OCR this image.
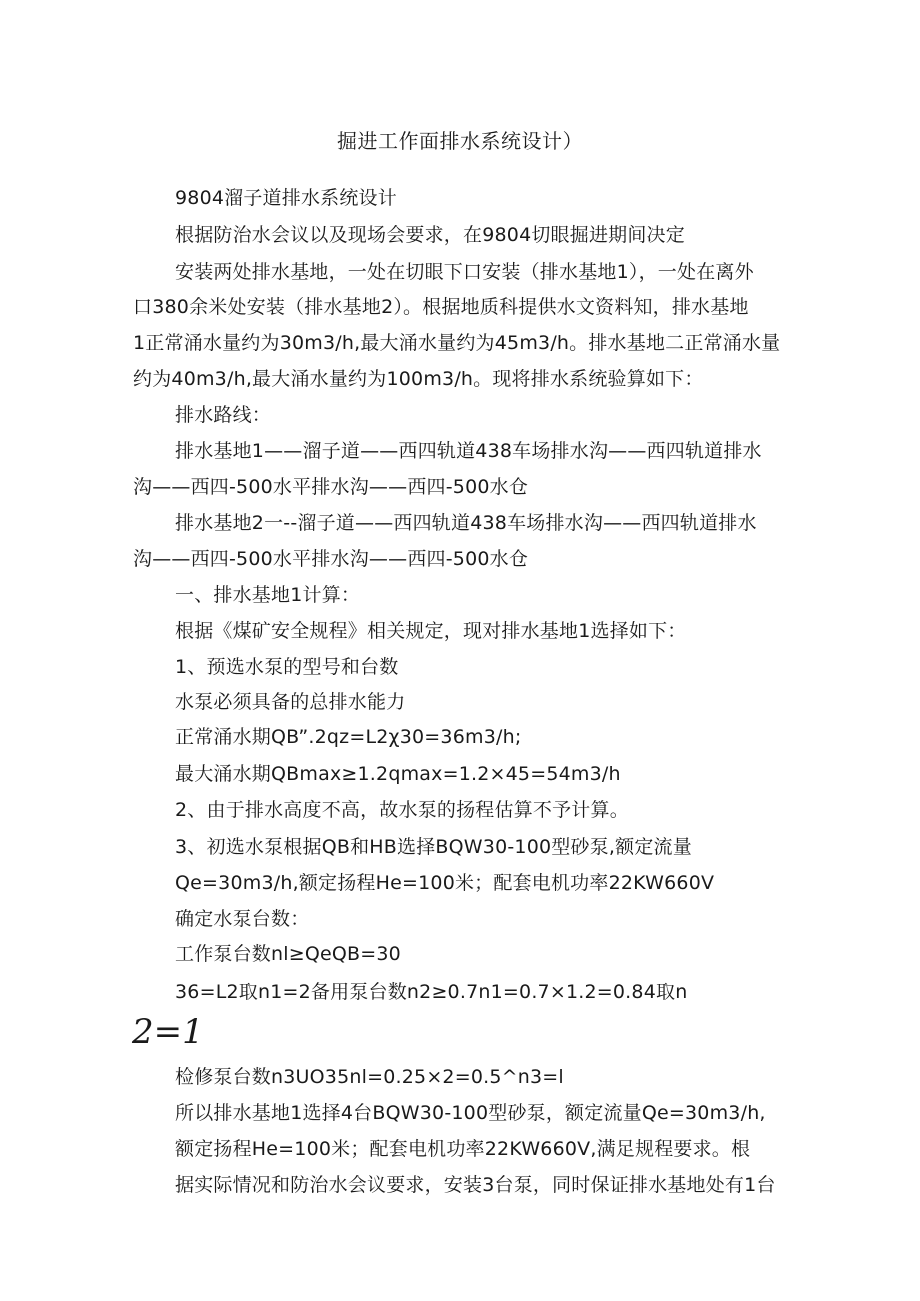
掘进工作面排水系统设计）
9804溜子道排水系统设计
根据防治水会议以及现场会要求，在9804切眼掘进期间决定
安装两处排水基地，一处在切眼下口安装（排水基地1），一处在离外
口380余米处安装（排水基地2）。根据地质科提供水文资料知，排水基地
1正常涌水量约为30m3/h,最大涌水量约为45m3/h。排水基地二正常涌水量
约为40m3/h,最大涌水量约为100m3/h。现将排水系统验算如下：
排水路线：
排水基地1——溜子道——西四轨道438车场排水沟——西四轨道排水
沟——西四-500水平排水沟——西四-500水仓
排水基地2一--溜子道——西四轨道438车场排水沟——西四轨道排水
沟——西四-500水平排水沟——西四-500水仓
一、排水基地1计算：
根据《煤矿安全规程》相关规定，现对排水基地1选择如下：
1、预选水泵的型号和台数
水泵必须具备的总排水能力
正常涌水期QB”.2qz=L2χ30=36m3/h;
最大涌水期QBmax≥1.2qmax=1.2×45=54m3/h
2、由于排水高度不高，故水泵的扬程估算不予计算。
3、初选水泵根据QB和HB选择BQW30-100型砂泵,额定流量
Qe=30m3/h,额定扬程He=100米；配套电机功率22KW660V
确定水泵台数：
工作泵台数nl≥QeQB=30
36=L2取n1=2备用泵台数n2≥0.7n1=0.7×1.2=0.84取n
2=1
检修泵台数n3UO35nl=0.25×2=0.5^n3=l
所以排水基地1选择4台BQW30-100型砂泵，额定流量Qe=30m3/h,
额定扬程He=100米；配套电机功率22KW660V,满足规程要求。根
据实际情况和防治水会议要求，安装3台泵，同时保证排水基地处有1台
